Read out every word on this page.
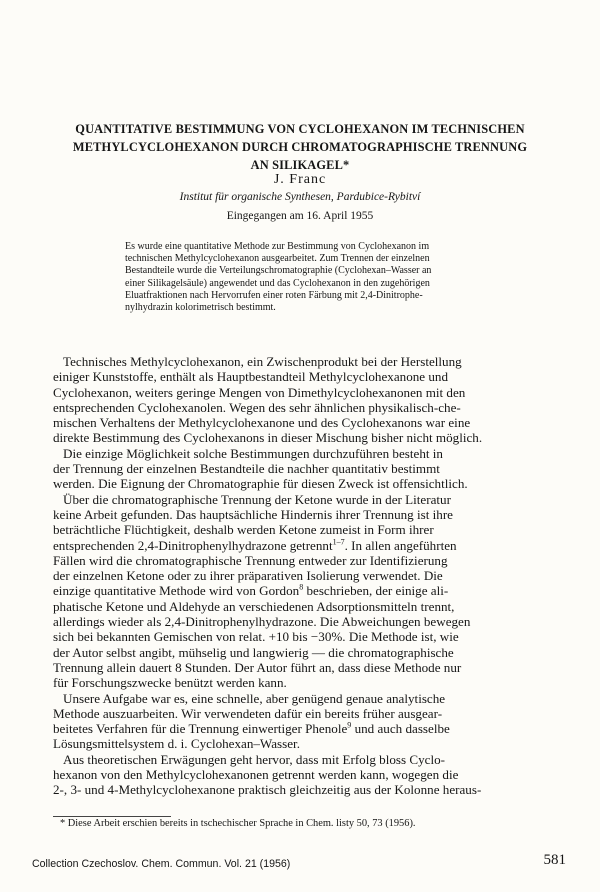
QUANTITATIVE BESTIMMUNG VON CYCLOHEXANON IM TECHNISCHEN
METHYLCYCLOHEXANON DURCH CHROMATOGRAPHISCHE TRENNUNG
AN SILIKAGEL*
J. Franc
Institut für organische Synthesen, Pardubice-Rybitví
Eingegangen am 16. April 1955
Es wurde eine quantitative Methode zur Bestimmung von Cyclohexanon im
technischen Methylcyclohexanon ausgearbeitet. Zum Trennen der einzelnen
Bestandteile wurde die Verteilungschromatographie (Cyclohexan–Wasser an
einer Silikagelsäule) angewendet und das Cyclohexanon in den zugehörigen
Eluatfraktionen nach Hervorrufen einer roten Färbung mit 2,4-Dinitrophe-
nylhydrazin kolorimetrisch bestimmt.
Technisches Methylcyclohexanon, ein Zwischenprodukt bei der Herstellung
einiger Kunststoffe, enthält als Hauptbestandteil Methylcyclohexanone und
Cyclohexanon, weiters geringe Mengen von Dimethylcyclohexanonen mit den
entsprechenden Cyclohexanolen. Wegen des sehr ähnlichen physikalisch-che-
mischen Verhaltens der Methylcyclohexanone und des Cyclohexanons war eine
direkte Bestimmung des Cyclohexanons in dieser Mischung bisher nicht möglich.
Die einzige Möglichkeit solche Bestimmungen durchzuführen besteht in
der Trennung der einzelnen Bestandteile die nachher quantitativ bestimmt
werden. Die Eignung der Chromatographie für diesen Zweck ist offensichtlich.
Über die chromatographische Trennung der Ketone wurde in der Literatur
keine Arbeit gefunden. Das hauptsächliche Hindernis ihrer Trennung ist ihre
beträchtliche Flüchtigkeit, deshalb werden Ketone zumeist in Form ihrer
entsprechenden 2,4-Dinitrophenylhydrazone getrennt$^{1-7}$. In allen angeführten
Fällen wird die chromatographische Trennung entweder zur Identifizierung
der einzelnen Ketone oder zu ihrer präparativen Isolierung verwendet. Die
einzige quantitative Methode wird von Gordon$^8$ beschrieben, der einige ali-
phatische Ketone und Aldehyde an verschiedenen Adsorptionsmitteln trennt,
allerdings wieder als 2,4-Dinitrophenylhydrazone. Die Abweichungen bewegen
sich bei bekannten Gemischen von relat. +10 bis −30%. Die Methode ist, wie
der Autor selbst angibt, mühselig und langwierig — die chromatographische
Trennung allein dauert 8 Stunden. Der Autor führt an, dass diese Methode nur
für Forschungszwecke benützt werden kann.
Unsere Aufgabe war es, eine schnelle, aber genügend genaue analytische
Methode auszuarbeiten. Wir verwendeten dafür ein bereits früher ausgear-
beitetes Verfahren für die Trennung einwertiger Phenole$^9$ und auch dasselbe
Lösungsmittelsystem d. i. Cyclohexan–Wasser.
Aus theoretischen Erwägungen geht hervor, dass mit Erfolg bloss Cyclo-
hexanon von den Methylcyclohexanonen getrennt werden kann, wogegen die
2-, 3- und 4-Methylcyclohexanone praktisch gleichzeitig aus der Kolonne heraus-
* Diese Arbeit erschien bereits in tschechischer Sprache in Chem. listy 50, 73 (1956).
Collection Czechoslov. Chem. Commun. Vol. 21 (1956)	581
